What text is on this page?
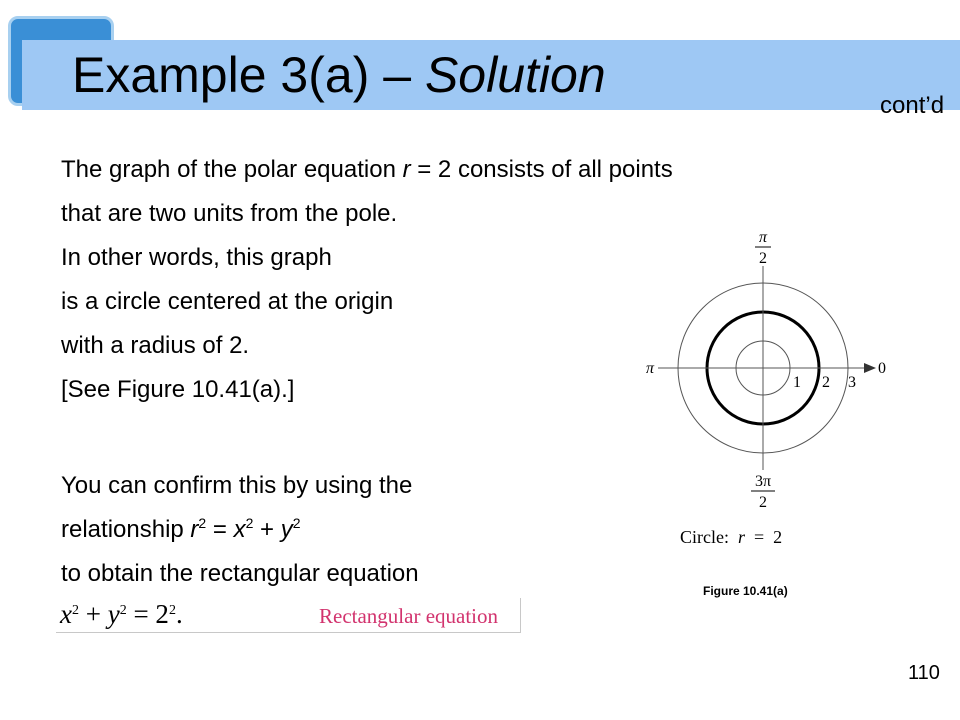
Example 3(a) – Solution
cont’d
The graph of the polar equation r = 2 consists of all points
that are two units from the pole.
In other words, this graph
is a circle centered at the origin
with a radius of 2.
[See Figure 10.41(a).]
You can confirm this by using the
relationship $r^2 = x^2 + y^2$
to obtain the rectangular equation
$x^2 + y^2 = 2^2$.	Rectangular equation
π
2
π	0
1 2 3
3π
2
Circle:  r  =  2
Figure 10.41(a)
110
